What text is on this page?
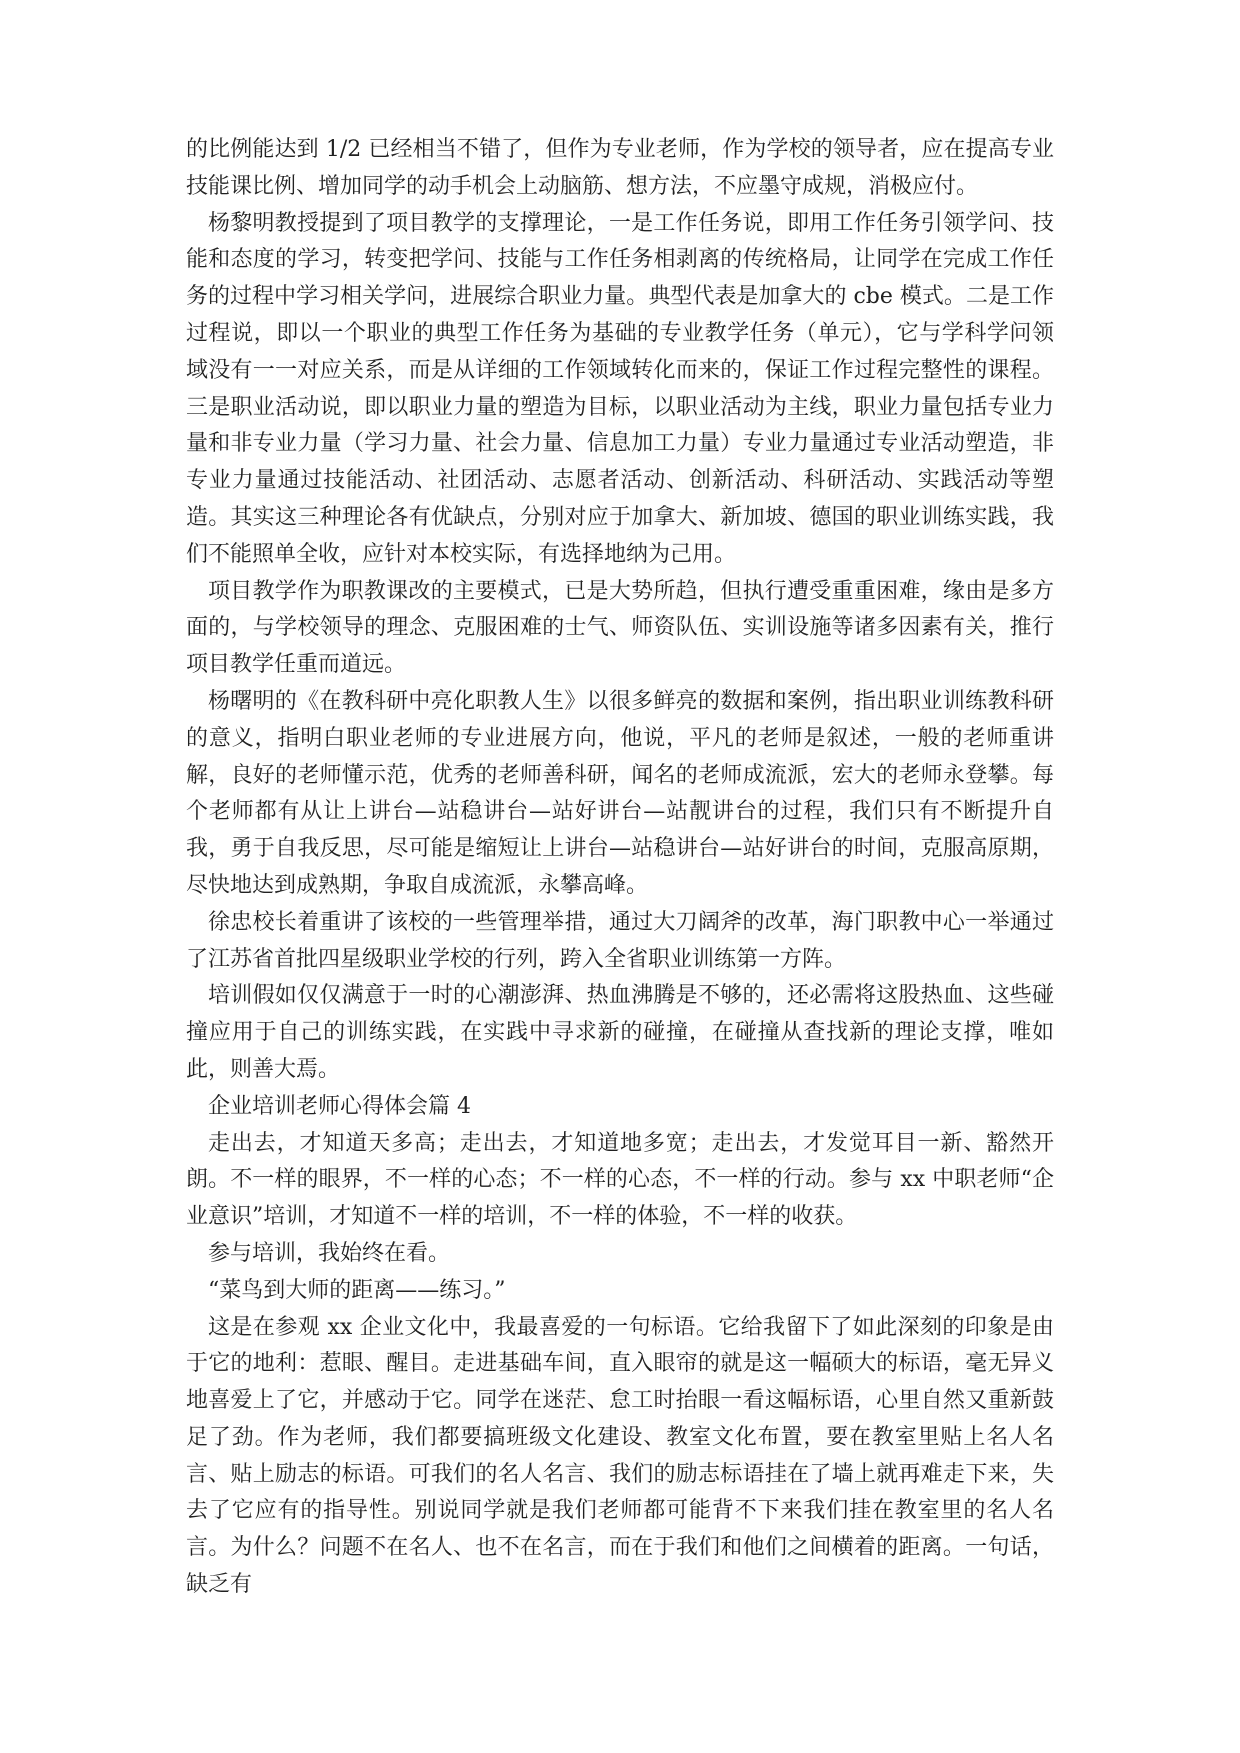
的比例能达到 1/2 已经相当不错了，但作为专业老师，作为学校的领导者，应在提高专业技能课比例、增加同学的动手机会上动脑筋、想方法，不应墨守成规，消极应付。

杨黎明教授提到了项目教学的支撑理论，一是工作任务说，即用工作任务引领学问、技能和态度的学习，转变把学问、技能与工作任务相剥离的传统格局，让同学在完成工作任务的过程中学习相关学问，进展综合职业力量。典型代表是加拿大的 cbe 模式。二是工作过程说，即以一个职业的典型工作任务为基础的专业教学任务（单元），它与学科学问领域没有一一对应关系，而是从详细的工作领域转化而来的，保证工作过程完整性的课程。三是职业活动说，即以职业力量的塑造为目标，以职业活动为主线，职业力量包括专业力量和非专业力量（学习力量、社会力量、信息加工力量）专业力量通过专业活动塑造，非专业力量通过技能活动、社团活动、志愿者活动、创新活动、科研活动、实践活动等塑造。其实这三种理论各有优缺点，分别对应于加拿大、新加坡、德国的职业训练实践，我们不能照单全收，应针对本校实际，有选择地纳为己用。

项目教学作为职教课改的主要模式，已是大势所趋，但执行遭受重重困难，缘由是多方面的，与学校领导的理念、克服困难的士气、师资队伍、实训设施等诸多因素有关，推行项目教学任重而道远。

杨曙明的《在教科研中亮化职教人生》以很多鲜亮的数据和案例，指出职业训练教科研的意义，指明白职业老师的专业进展方向，他说，平凡的老师是叙述，一般的老师重讲解，良好的老师懂示范，优秀的老师善科研，闻名的老师成流派，宏大的老师永登攀。每个老师都有从让上讲台—站稳讲台—站好讲台—站靓讲台的过程，我们只有不断提升自我，勇于自我反思，尽可能是缩短让上讲台—站稳讲台—站好讲台的时间，克服高原期，尽快地达到成熟期，争取自成流派，永攀高峰。

徐忠校长着重讲了该校的一些管理举措，通过大刀阔斧的改革，海门职教中心一举通过了江苏省首批四星级职业学校的行列，跨入全省职业训练第一方阵。

培训假如仅仅满意于一时的心潮澎湃、热血沸腾是不够的，还必需将这股热血、这些碰撞应用于自己的训练实践，在实践中寻求新的碰撞，在碰撞从查找新的理论支撑，唯如此，则善大焉。

企业培训老师心得体会篇 4

走出去，才知道天多高；走出去，才知道地多宽；走出去，才发觉耳目一新、豁然开朗。不一样的眼界，不一样的心态；不一样的心态，不一样的行动。参与 xx 中职老师“企业意识”培训，才知道不一样的培训，不一样的体验，不一样的收获。

参与培训，我始终在看。

“菜鸟到大师的距离——练习。”

这是在参观 xx 企业文化中，我最喜爱的一句标语。它给我留下了如此深刻的印象是由于它的地利：惹眼、醒目。走进基础车间，直入眼帘的就是这一幅硕大的标语，毫无异义地喜爱上了它，并感动于它。同学在迷茫、怠工时抬眼一看这幅标语，心里自然又重新鼓足了劲。作为老师，我们都要搞班级文化建设、教室文化布置，要在教室里贴上名人名言、贴上励志的标语。可我们的名人名言、我们的励志标语挂在了墙上就再难走下来，失去了它应有的指导性。别说同学就是我们老师都可能背不下来我们挂在教室里的名人名言。为什么？问题不在名人、也不在名言，而在于我们和他们之间横着的距离。一句话，缺乏有
